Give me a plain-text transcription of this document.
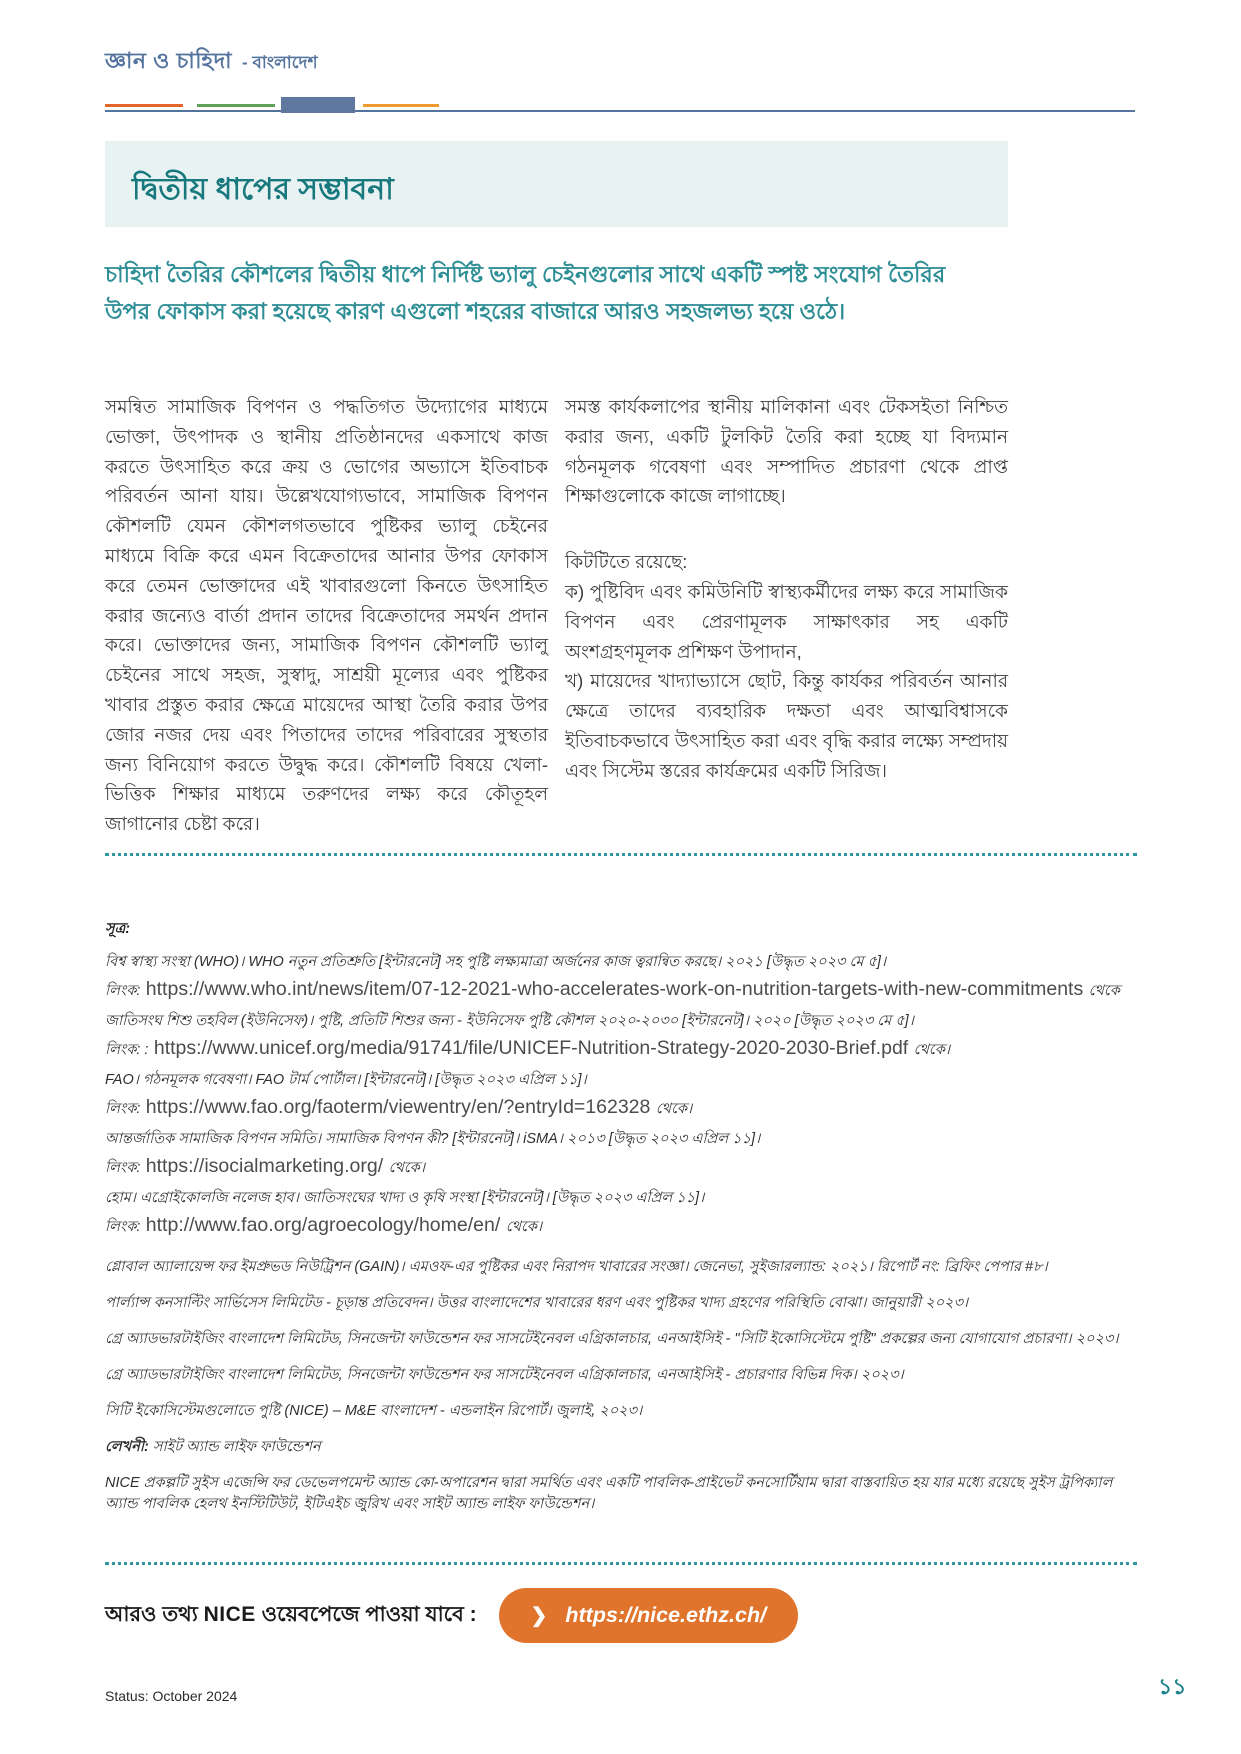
জ্ঞান ও চাহিদা - বাংলাদেশ
দ্বিতীয় ধাপের সম্ভাবনা

চাহিদা তৈরির কৌশলের দ্বিতীয় ধাপে নির্দিষ্ট ভ্যালু চেইনগুলোর সাথে একটি স্পষ্ট সংযোগ তৈরির উপর ফোকাস করা হয়েছে কারণ এগুলো শহরের বাজারে আরও সহজলভ্য হয়ে ওঠে।

সমন্বিত সামাজিক বিপণন ও পদ্ধতিগত উদ্যোগের মাধ্যমে ভোক্তা, উৎপাদক ও স্থানীয় প্রতিষ্ঠানদের একসাথে কাজ করতে উৎসাহিত করে ক্রয় ও ভোগের অভ্যাসে ইতিবাচক পরিবর্তন আনা যায়। উল্লেখযোগ্যভাবে, সামাজিক বিপণন কৌশলটি যেমন কৌশলগতভাবে পুষ্টিকর ভ্যালু চেইনের মাধ্যমে বিক্রি করে এমন বিক্রেতাদের আনার উপর ফোকাস করে তেমন ভোক্তাদের এই খাবারগুলো কিনতে উৎসাহিত করার জন্যেও বার্তা প্রদান তাদের বিক্রেতাদের সমর্থন প্রদান করে। ভোক্তাদের জন্য, সামাজিক বিপণন কৌশলটি ভ্যালু চেইনের সাথে সহজ, সুস্বাদু, সাশ্রয়ী মূল্যের এবং পুষ্টিকর খাবার প্রস্তুত করার ক্ষেত্রে মায়েদের আস্থা তৈরি করার উপর জোর নজর দেয় এবং পিতাদের তাদের পরিবারের সুস্থতার জন্য বিনিয়োগ করতে উদ্বুদ্ধ করে। কৌশলটি বিষয়ে খেলা-ভিত্তিক শিক্ষার মাধ্যমে তরুণদের লক্ষ্য করে কৌতূহল জাগানোর চেষ্টা করে।

সমস্ত কার্যকলাপের স্থানীয় মালিকানা এবং টেকসইতা নিশ্চিত করার জন্য, একটি টুলকিট তৈরি করা হচ্ছে যা বিদ্যমান গঠনমূলক গবেষণা এবং সম্পাদিত প্রচারণা থেকে প্রাপ্ত শিক্ষাগুলোকে কাজে লাগাচ্ছে।

কিটটিতে রয়েছে:

ক) পুষ্টিবিদ এবং কমিউনিটি স্বাস্থ্যকর্মীদের লক্ষ্য করে সামাজিক বিপণন এবং প্রেরণামূলক সাক্ষাৎকার সহ একটি অংশগ্রহণমূলক প্রশিক্ষণ উপাদান,

খ) মায়েদের খাদ্যাভ্যাসে ছোট, কিন্তু কার্যকর পরিবর্তন আনার ক্ষেত্রে তাদের ব্যবহারিক দক্ষতা এবং আত্মবিশ্বাসকে ইতিবাচকভাবে উৎসাহিত করা এবং বৃদ্ধি করার লক্ষ্যে সম্প্রদায় এবং সিস্টেম স্তরের কার্যক্রমের একটি সিরিজ।

সূত্র:

বিশ্ব স্বাস্থ্য সংস্থা (WHO)। WHO নতুন প্রতিশ্রুতি [ইন্টারনেট] সহ পুষ্টি লক্ষ্যমাত্রা অর্জনের কাজ ত্বরান্বিত করছে। ২০২১ [উদ্ধৃত ২০২৩ মে ৫]।

লিংক: https://www.who.int/news/item/07-12-2021-who-accelerates-work-on-nutrition-targets-with-new-commitments থেকে

জাতিসংঘ শিশু তহবিল (ইউনিসেফ)। পুষ্টি, প্রতিটি শিশুর জন্য - ইউনিসেফ পুষ্টি কৌশল ২০২০-২০৩০ [ইন্টারনেট]। ২০২০ [উদ্ধৃত ২০২৩ মে ৫]।

লিংক: : https://www.unicef.org/media/91741/file/UNICEF-Nutrition-Strategy-2020-2030-Brief.pdf থেকে।

FAO। গঠনমূলক গবেষণা। FAO টার্ম পোর্টাল। [ইন্টারনেট]। [উদ্ধৃত ২০২৩ এপ্রিল ১১]।

লিংক: https://www.fao.org/faoterm/viewentry/en/?entryId=162328 থেকে।

আন্তর্জাতিক সামাজিক বিপণন সমিতি। সামাজিক বিপণন কী? [ইন্টারনেট]। iSMA। ২০১৩ [উদ্ধৃত ২০২৩ এপ্রিল ১১]।

লিংক: https://isocialmarketing.org/ থেকে।

হোম। এগ্রোইকোলজি নলেজ হাব। জাতিসংঘের খাদ্য ও কৃষি সংস্থা [ইন্টারনেট]। [উদ্ধৃত ২০২৩ এপ্রিল ১১]।

লিংক: http://www.fao.org/agroecology/home/en/ থেকে।

গ্লোবাল অ্যালায়েন্স ফর ইমপ্রুভড নিউট্রিশন (GAIN)। এমওফ-এর পুষ্টিকর এবং নিরাপদ খাবারের সংজ্ঞা। জেনেভা, সুইজারল্যান্ড: ২০২১। রিপোর্ট নং: ব্রিফিং পেপার #৮।

পার্ল্যান্স কনসাল্টিং সার্ভিসেস লিমিটেড - চূড়ান্ত প্রতিবেদন। উত্তর বাংলাদেশের খাবারের ধরণ এবং পুষ্টিকর খাদ্য গ্রহণের পরিস্থিতি বোঝা। জানুয়ারী ২০২৩।

গ্রে অ্যাডভারটাইজিং বাংলাদেশ লিমিটেড, সিনজেন্টা ফাউন্ডেশন ফর সাসটেইনেবল এগ্রিকালচার, এনআইসিই - "সিটি ইকোসিস্টেমে পুষ্টি" প্রকল্পের জন্য যোগাযোগ প্রচারণা। ২০২৩।

গ্রে অ্যাডভারটাইজিং বাংলাদেশ লিমিটেড, সিনজেন্টা ফাউন্ডেশন ফর সাসটেইনেবল এগ্রিকালচার, এনআইসিই - প্রচারণার বিভিন্ন দিক। ২০২৩।

সিটি ইকোসিস্টেমগুলোতে পুষ্টি (NICE) – M&E বাংলাদেশ - এন্ডলাইন রিপোর্ট। জুলাই, ২০২৩।

লেখনী: সাইট অ্যান্ড লাইফ ফাউন্ডেশন

NICE প্রকল্পটি সুইস এজেন্সি ফর ডেভেলপমেন্ট অ্যান্ড কো-অপারেশন দ্বারা সমর্থিত এবং একটি পাবলিক-প্রাইভেট কনসোর্টিয়াম দ্বারা বাস্তবায়িত হয় যার মধ্যে রয়েছে সুইস ট্রপিক্যাল অ্যান্ড পাবলিক হেলথ ইনস্টিটিউট, ইটিএইচ জুরিখ এবং সাইট অ্যান্ড লাইফ ফাউন্ডেশন।

আরও তথ্য NICE ওয়েবপেজে পাওয়া যাবে :	❯ https://nice.ethz.ch/
Status: October 2024	১১
